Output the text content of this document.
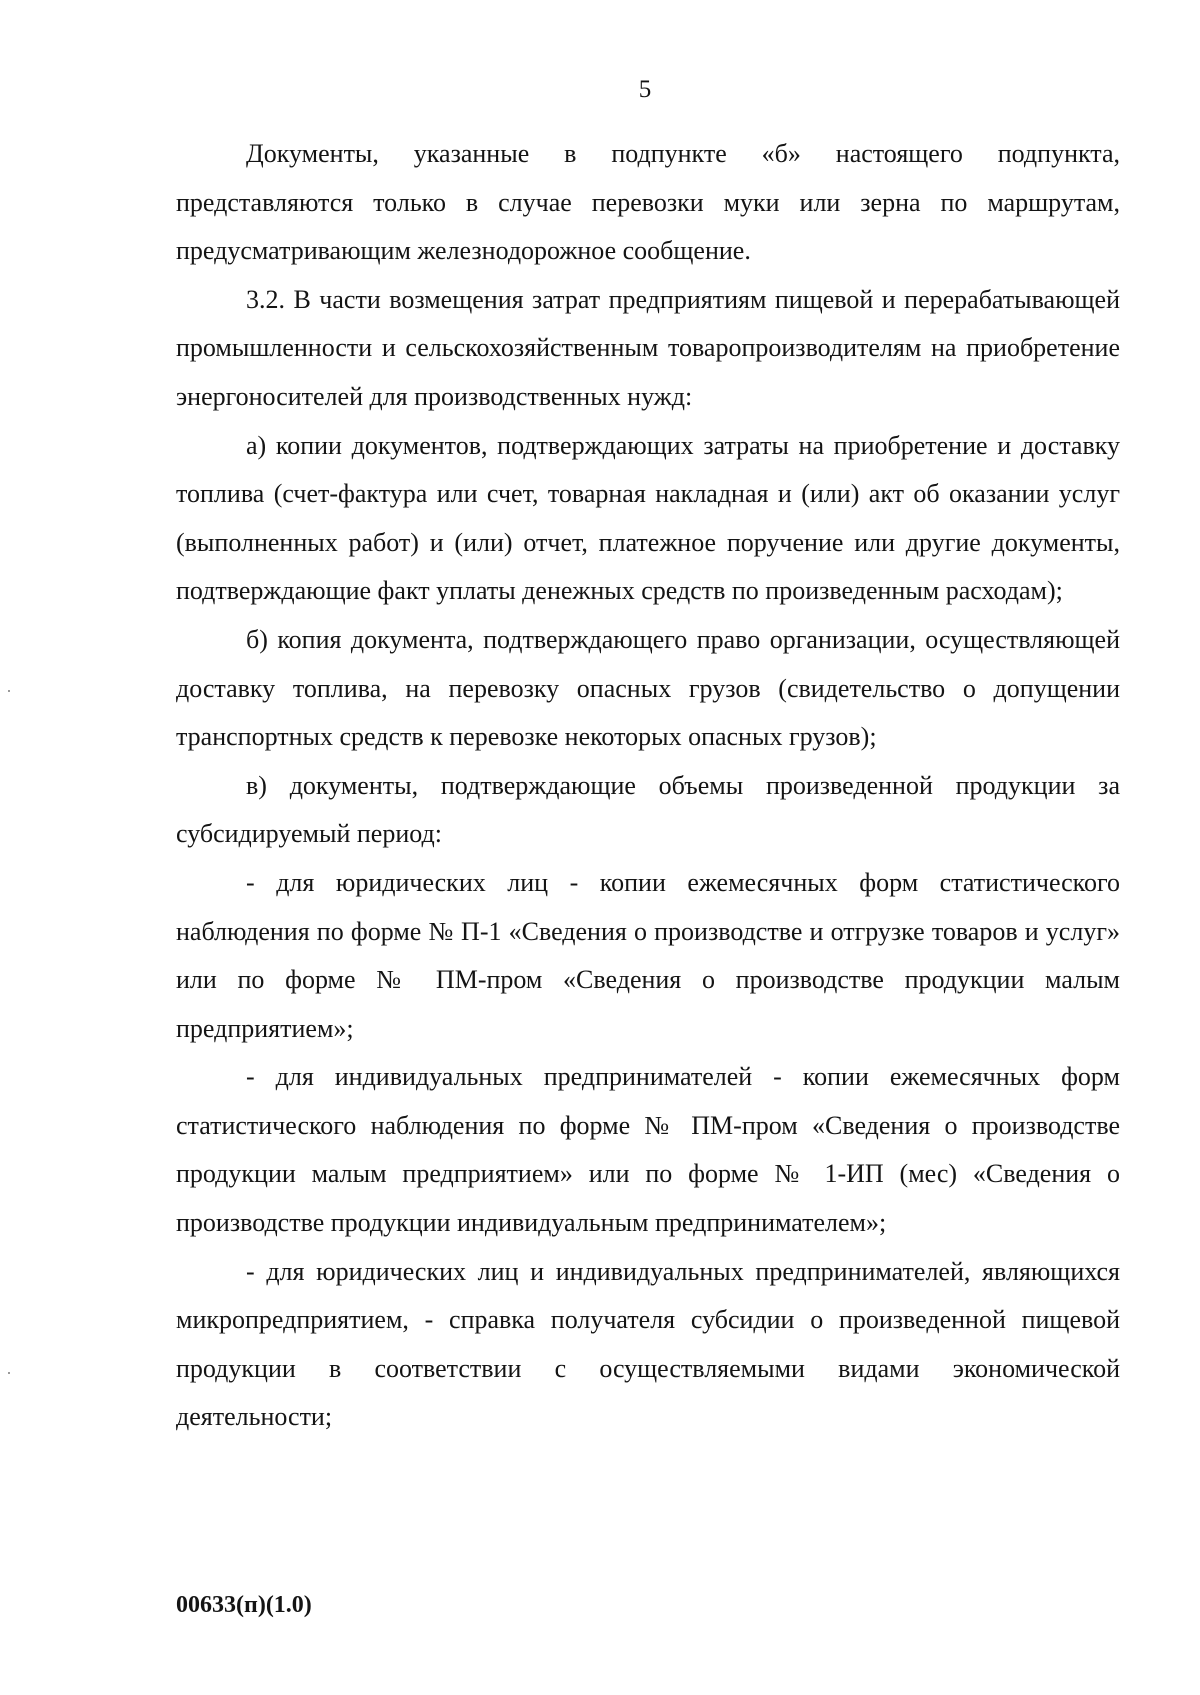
5

Документы, указанные в подпункте «б» настоящего подпункта, представляются только в случае перевозки муки или зерна по маршрутам, предусматривающим железнодорожное сообщение.

3.2. В части возмещения затрат предприятиям пищевой и перерабатывающей промышленности и сельскохозяйственным товаропроизводителям на приобретение энергоносителей для производственных нужд:

а) копии документов, подтверждающих затраты на приобретение и доставку топлива (счет-фактура или счет, товарная накладная и (или) акт об оказании услуг (выполненных работ) и (или) отчет, платежное поручение или другие документы, подтверждающие факт уплаты денежных средств по произведенным расходам);

б) копия документа, подтверждающего право организации, осуществляющей доставку топлива, на перевозку опасных грузов (свидетельство о допущении транспортных средств к перевозке некоторых опасных грузов);

в) документы, подтверждающие объемы произведенной продукции за субсидируемый период:

- для юридических лиц - копии ежемесячных форм статистического наблюдения по форме № П-1 «Сведения о производстве и отгрузке товаров и услуг» или по форме № ПМ-пром «Сведения о производстве продукции малым предприятием»;

- для индивидуальных предпринимателей - копии ежемесячных форм статистического наблюдения по форме № ПМ-пром «Сведения о производстве продукции малым предприятием» или по форме № 1-ИП (мес) «Сведения о производстве продукции индивидуальным предпринимателем»;

- для юридических лиц и индивидуальных предпринимателей, являющихся микропредприятием, - справка получателя субсидии о произведенной пищевой продукции в соответствии с осуществляемыми видами экономической деятельности;

00633(п)(1.0)
